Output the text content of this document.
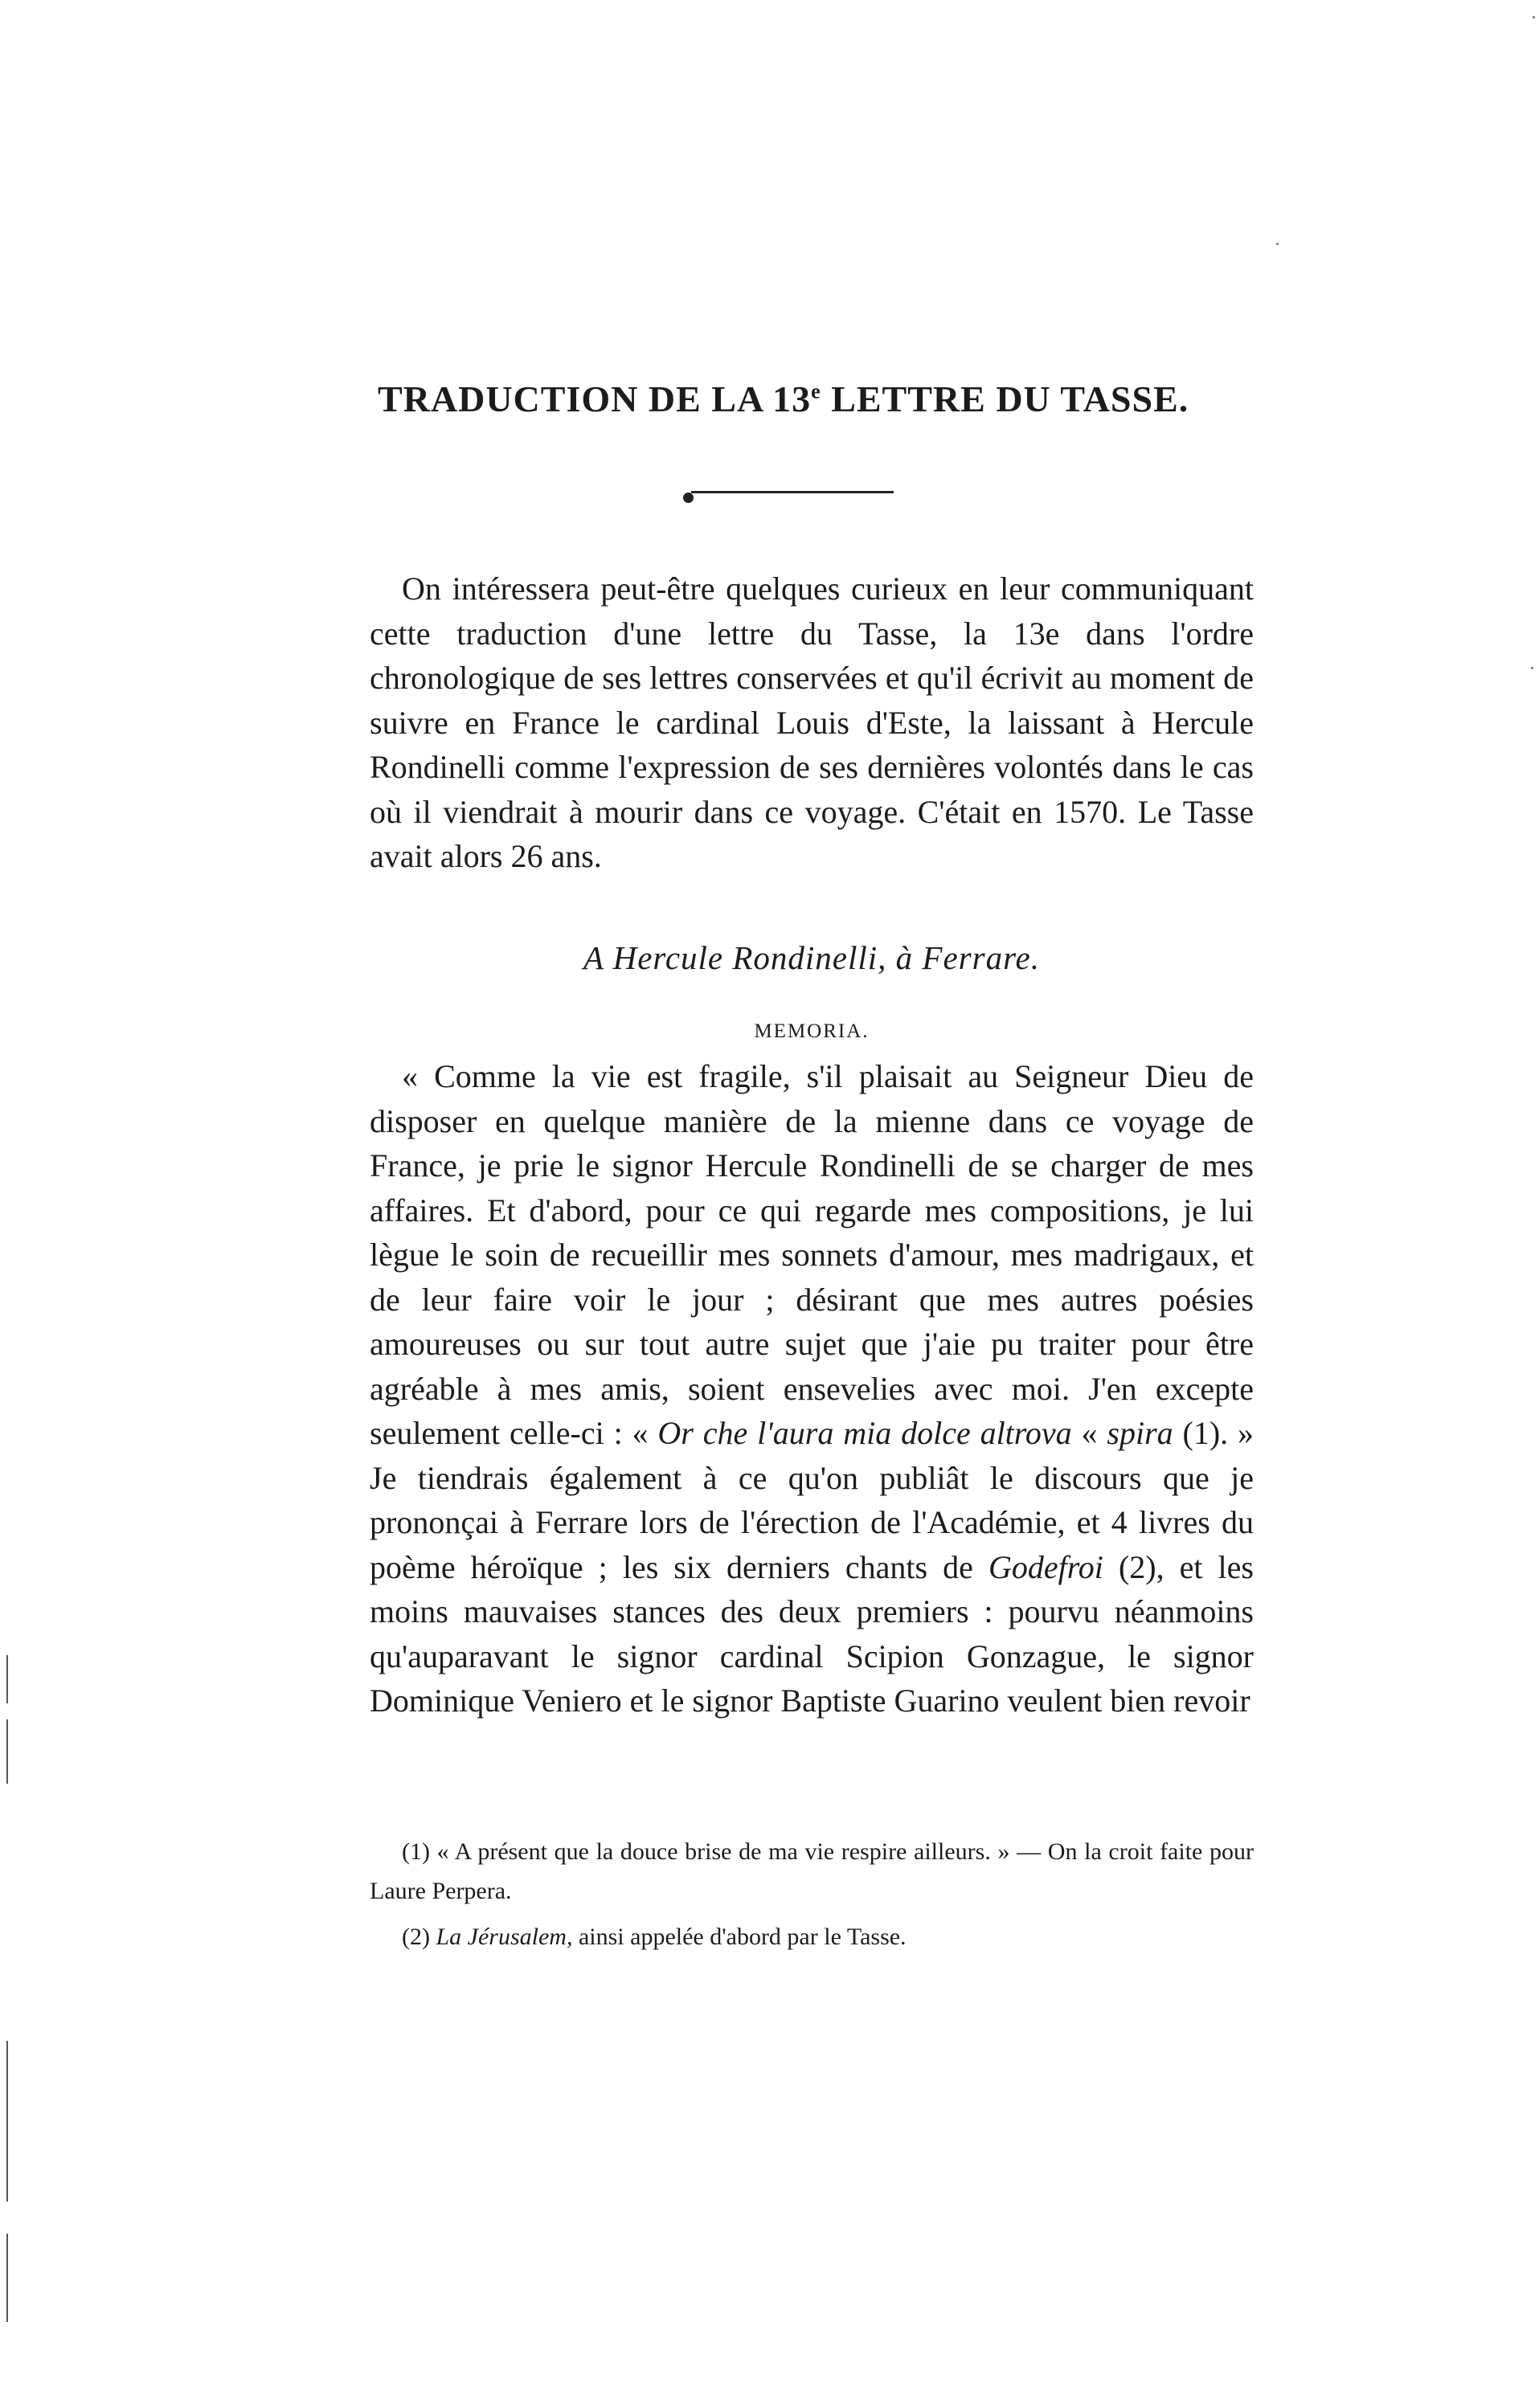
TRADUCTION DE LA 13e LETTRE DU TASSE.

On intéressera peut-être quelques curieux en leur communiquant cette traduction d'une lettre du Tasse, la 13e dans l'ordre chronologique de ses lettres conservées et qu'il écrivit au moment de suivre en France le cardinal Louis d'Este, la laissant à Hercule Rondinelli comme l'expression de ses dernières volontés dans le cas où il viendrait à mourir dans ce voyage. C'était en 1570. Le Tasse avait alors 26 ans.

A Hercule Rondinelli, à Ferrare.
MEMORIA.

« Comme la vie est fragile, s'il plaisait au Seigneur Dieu de disposer en quelque manière de la mienne dans ce voyage de France, je prie le signor Hercule Rondinelli de se charger de mes affaires. Et d'abord, pour ce qui regarde mes compositions, je lui lègue le soin de recueillir mes sonnets d'amour, mes madrigaux, et de leur faire voir le jour ; désirant que mes autres poésies amoureuses ou sur tout autre sujet que j'aie pu traiter pour être agréable à mes amis, soient ensevelies avec moi. J'en excepte seulement celle-ci : « Or che l'aura mia dolce altrova « spira (1). » Je tiendrais également à ce qu'on publiât le discours que je prononçai à Ferrare lors de l'érection de l'Académie, et 4 livres du poème héroïque ; les six derniers chants de Godefroi (2), et les moins mauvaises stances des deux premiers : pourvu néanmoins qu'auparavant le signor cardinal Scipion Gonzague, le signor Dominique Veniero et le signor Baptiste Guarino veulent bien revoir

(1) « A présent que la douce brise de ma vie respire ailleurs. » — On la croit faite pour Laure Perpera.

(2) La Jérusalem, ainsi appelée d'abord par le Tasse.
